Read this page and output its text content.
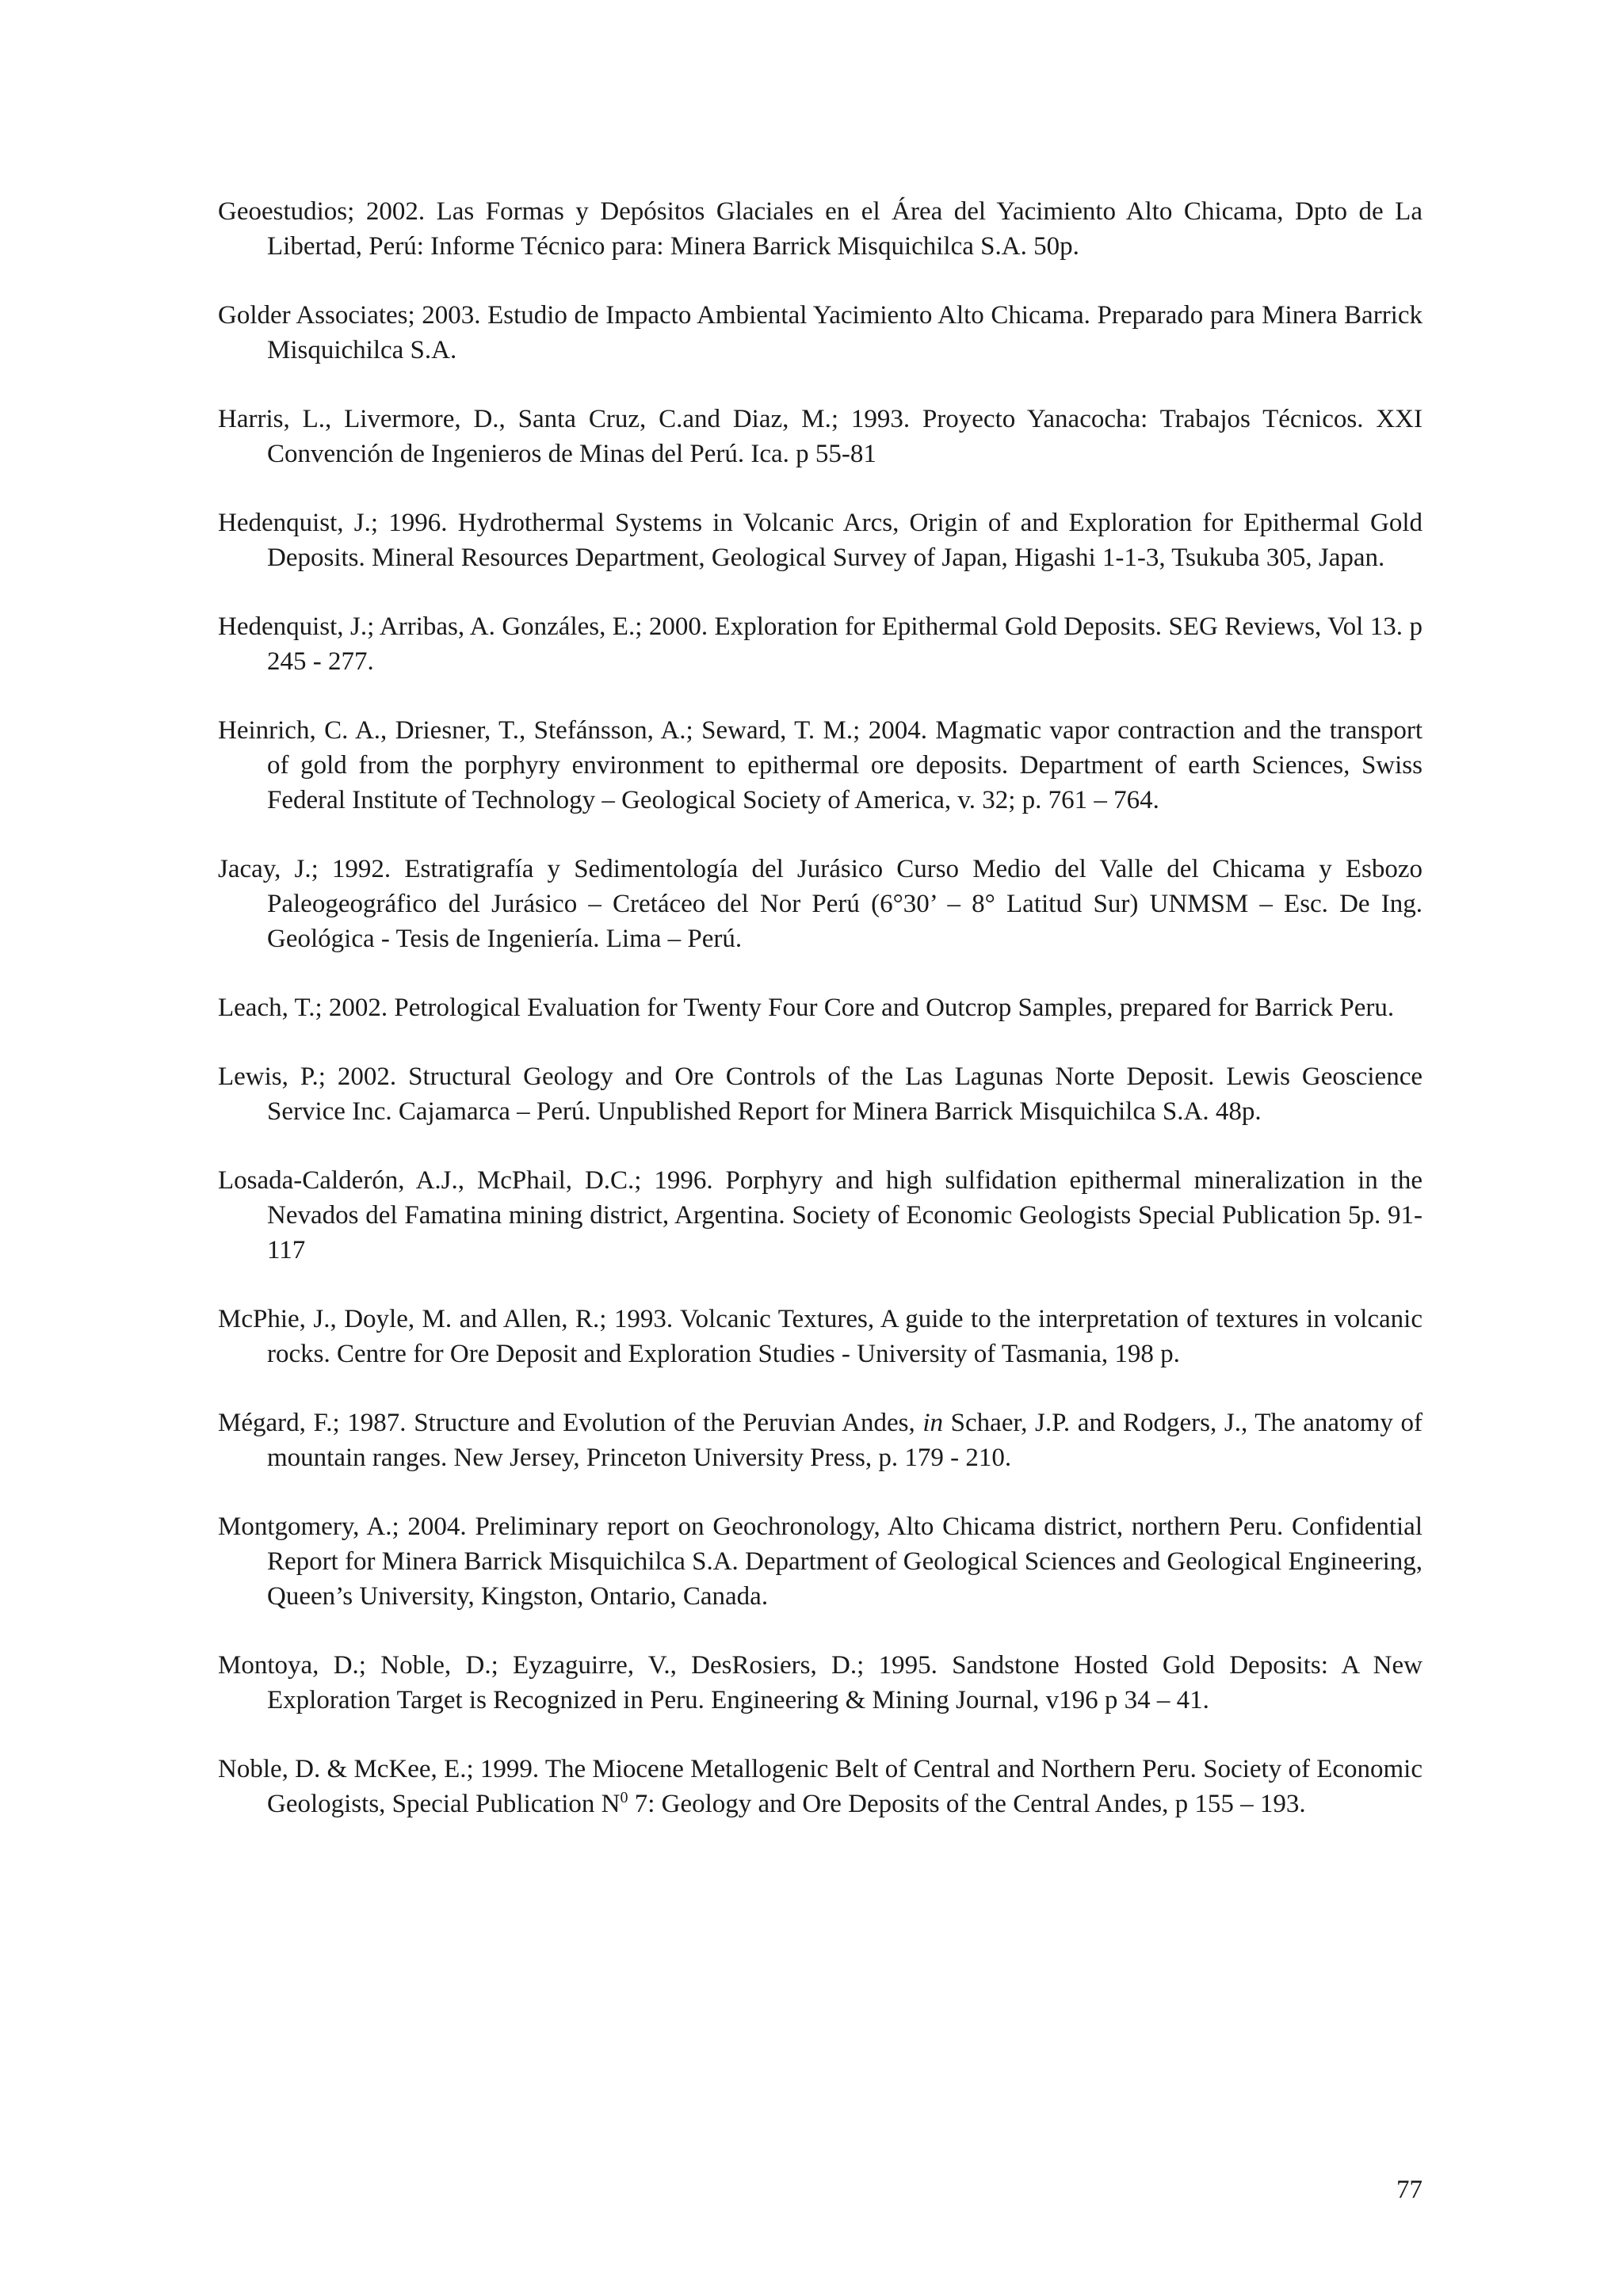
Geoestudios; 2002. Las Formas y Depósitos Glaciales en el Área del Yacimiento Alto Chicama, Dpto de La Libertad, Perú: Informe Técnico para: Minera Barrick Misquichilca S.A. 50p.

Golder Associates; 2003. Estudio de Impacto Ambiental Yacimiento Alto Chicama. Preparado para Minera Barrick Misquichilca S.A.

Harris, L., Livermore, D., Santa Cruz, C.and Diaz, M.; 1993. Proyecto Yanacocha: Trabajos Técnicos. XXI Convención de Ingenieros de Minas del Perú. Ica. p 55-81

Hedenquist, J.; 1996. Hydrothermal Systems in Volcanic Arcs, Origin of and Exploration for Epithermal Gold Deposits. Mineral Resources Department, Geological Survey of Japan, Higashi 1-1-3, Tsukuba 305, Japan.

Hedenquist, J.; Arribas, A. Gonzáles, E.; 2000. Exploration for Epithermal Gold Deposits. SEG Reviews, Vol 13. p 245 - 277.

Heinrich, C. A., Driesner, T., Stefánsson, A.; Seward, T. M.; 2004. Magmatic vapor contraction and the transport of gold from the porphyry environment to epithermal ore deposits. Department of earth Sciences, Swiss Federal Institute of Technology – Geological Society of America, v. 32; p. 761 – 764.

Jacay, J.; 1992. Estratigrafía y Sedimentología del Jurásico Curso Medio del Valle del Chicama y Esbozo Paleogeográfico del Jurásico – Cretáceo del Nor Perú (6°30’ – 8° Latitud Sur) UNMSM – Esc. De Ing. Geológica - Tesis de Ingeniería. Lima – Perú.

Leach, T.; 2002. Petrological Evaluation for Twenty Four Core and Outcrop Samples, prepared for Barrick Peru.

Lewis, P.; 2002. Structural Geology and Ore Controls of the Las Lagunas Norte Deposit. Lewis Geoscience Service Inc. Cajamarca – Perú. Unpublished Report for Minera Barrick Misquichilca S.A. 48p.

Losada-Calderón, A.J., McPhail, D.C.; 1996. Porphyry and high sulfidation epithermal mineralization in the Nevados del Famatina mining district, Argentina. Society of Economic Geologists Special Publication 5p. 91-117

McPhie, J., Doyle, M. and Allen, R.; 1993. Volcanic Textures, A guide to the interpretation of textures in volcanic rocks. Centre for Ore Deposit and Exploration Studies - University of Tasmania, 198 p.

Mégard, F.; 1987. Structure and Evolution of the Peruvian Andes, in Schaer, J.P. and Rodgers, J., The anatomy of mountain ranges. New Jersey, Princeton University Press, p. 179 - 210.

Montgomery, A.; 2004. Preliminary report on Geochronology, Alto Chicama district, northern Peru. Confidential Report for Minera Barrick Misquichilca S.A. Department of Geological Sciences and Geological Engineering, Queen’s University, Kingston, Ontario, Canada.

Montoya, D.; Noble, D.; Eyzaguirre, V., DesRosiers, D.; 1995. Sandstone Hosted Gold Deposits: A New Exploration Target is Recognized in Peru. Engineering & Mining Journal, v196 p 34 – 41.

Noble, D. & McKee, E.; 1999. The Miocene Metallogenic Belt of Central and Northern Peru. Society of Economic Geologists, Special Publication $N^0$ 7: Geology and Ore Deposits of the Central Andes, p 155 – 193.

77
